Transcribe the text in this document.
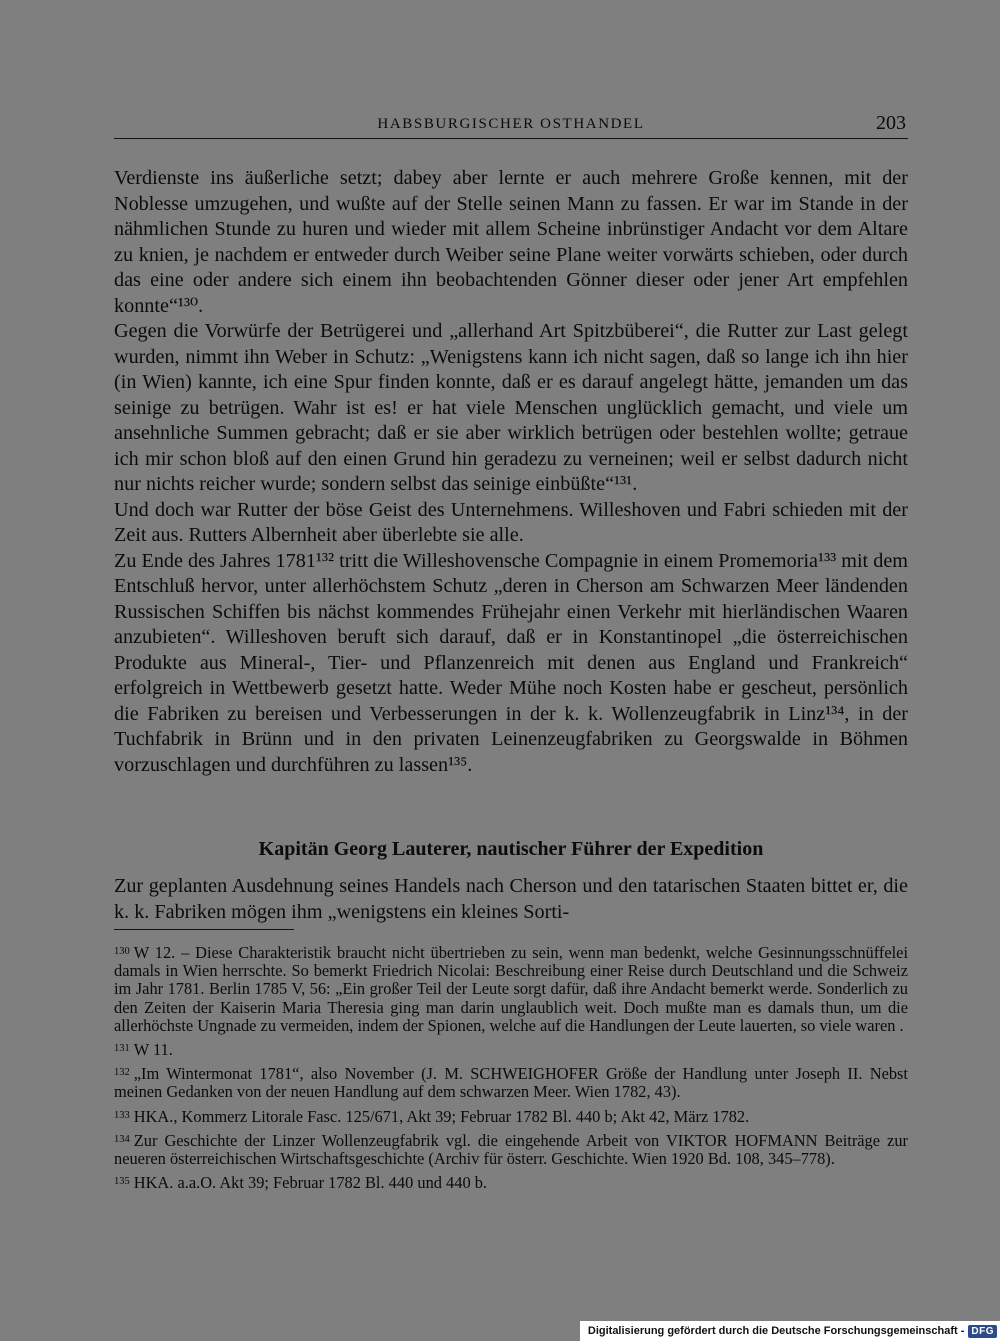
HABSBURGISCHER OSTHANDEL	203

Verdienste ins äußerliche setzt; dabey aber lernte er auch mehrere Große kennen, mit der Noblesse umzugehen, und wußte auf der Stelle seinen Mann zu fassen. Er war im Stande in der nähmlichen Stunde zu huren und wieder mit allem Scheine inbrünstiger Andacht vor dem Altare zu knien, je nachdem er entweder durch Weiber seine Plane weiter vorwärts schieben, oder durch das eine oder andere sich einem ihn beobachtenden Gönner dieser oder jener Art empfehlen konnte“¹³⁰.

Gegen die Vorwürfe der Betrügerei und „allerhand Art Spitzbüberei“, die Rutter zur Last gelegt wurden, nimmt ihn Weber in Schutz: „Wenigstens kann ich nicht sagen, daß so lange ich ihn hier (in Wien) kannte, ich eine Spur finden konnte, daß er es darauf angelegt hätte, jemanden um das seinige zu betrügen. Wahr ist es! er hat viele Menschen unglücklich gemacht, und viele um ansehnliche Summen gebracht; daß er sie aber wirklich betrügen oder bestehlen wollte; getraue ich mir schon bloß auf den einen Grund hin geradezu zu verneinen; weil er selbst dadurch nicht nur nichts reicher wurde; sondern selbst das seinige einbüßte“¹³¹.

Und doch war Rutter der böse Geist des Unternehmens. Willeshoven und Fabri schieden mit der Zeit aus. Rutters Albernheit aber überlebte sie alle.

Zu Ende des Jahres 1781¹³² tritt die Willeshovensche Compagnie in einem Promemoria¹³³ mit dem Entschluß hervor, unter allerhöchstem Schutz „deren in Cherson am Schwarzen Meer ländenden Russischen Schiffen bis nächst kommendes Frühejahr einen Verkehr mit hierländischen Waaren anzubieten“. Willeshoven beruft sich darauf, daß er in Konstantinopel „die österreichischen Produkte aus Mineral-, Tier- und Pflanzenreich mit denen aus England und Frankreich“ erfolgreich in Wettbewerb gesetzt hatte. Weder Mühe noch Kosten habe er gescheut, persönlich die Fabriken zu bereisen und Verbesserungen in der k. k. Wollenzeugfabrik in Linz¹³⁴, in der Tuchfabrik in Brünn und in den privaten Leinenzeugfabriken zu Georgswalde in Böhmen vorzuschlagen und durchführen zu lassen¹³⁵.

Kapitän Georg Lauterer, nautischer Führer der Expedition

Zur geplanten Ausdehnung seines Handels nach Cherson und den tatarischen Staaten bittet er, die k. k. Fabriken mögen ihm „wenigstens ein kleines Sorti-

$^{130}$ W 12. – Diese Charakteristik braucht nicht übertrieben zu sein, wenn man bedenkt, welche Gesinnungsschnüffelei damals in Wien herrschte. So bemerkt Friedrich Nicolai: Beschreibung einer Reise durch Deutschland und die Schweiz im Jahr 1781. Berlin 1785 V, 56: „Ein großer Teil der Leute sorgt dafür, daß ihre Andacht bemerkt werde. Sonderlich zu den Zeiten der Kaiserin Maria Theresia ging man darin unglaublich weit. Doch mußte man es damals thun, um die allerhöchste Ungnade zu vermeiden, indem der Spionen, welche auf die Handlungen der Leute lauerten, so viele waren .

$^{131}$ W 11.

$^{132}$ „Im Wintermonat 1781“, also November (J. M. SCHWEIGHOFER Größe der Handlung unter Joseph II. Nebst meinen Gedanken von der neuen Handlung auf dem schwarzen Meer. Wien 1782, 43).

$^{133}$ HKA., Kommerz Litorale Fasc. 125/671, Akt 39; Februar 1782 Bl. 440 b; Akt 42, März 1782.

$^{134}$ Zur Geschichte der Linzer Wollenzeugfabrik vgl. die eingehende Arbeit von VIKTOR HOFMANN Beiträge zur neueren österreichischen Wirtschaftsgeschichte (Archiv für österr. Geschichte. Wien 1920 Bd. 108, 345–778).

$^{135}$ HKA. a.a.O. Akt 39; Februar 1782 Bl. 440 und 440 b.

Digitalisierung gefördert durch die Deutsche Forschungsgemeinschaft - DFG
